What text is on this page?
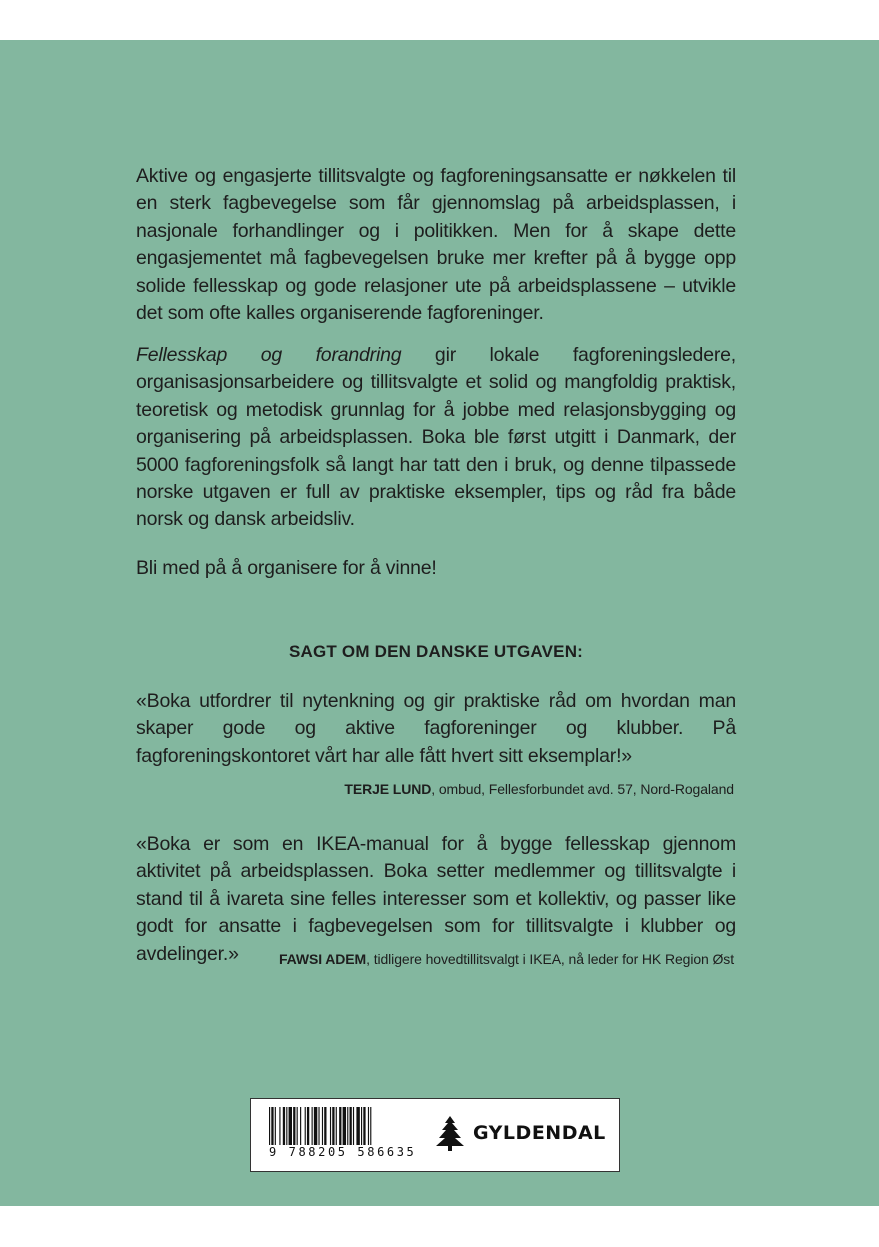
Aktive og engasjerte tillitsvalgte og fagforeningsansatte er nøkkelen til en sterk fagbevegelse som får gjennomslag på arbeidsplassen, i nasjonale forhandlinger og i politikken. Men for å skape dette engasjementet må fagbevegelsen bruke mer krefter på å bygge opp solide fellesskap og gode relasjoner ute på arbeidsplassene – utvikle det som ofte kalles organiserende fagforeninger.

Fellesskap og forandring gir lokale fagforeningsledere, organisasjonsarbeidere og tillitsvalgte et solid og mangfoldig praktisk, teoretisk og metodisk grunnlag for å jobbe med relasjonsbygging og organisering på arbeidsplassen. Boka ble først utgitt i Danmark, der 5000 fagforeningsfolk så langt har tatt den i bruk, og denne tilpassede norske utgaven er full av praktiske eksempler, tips og råd fra både norsk og dansk arbeidsliv.

Bli med på å organisere for å vinne!

SAGT OM DEN DANSKE UTGAVEN:
«Boka utfordrer til nytenkning og gir praktiske råd om hvordan man skaper gode og aktive fagforeninger og klubber. På fagforeningskontoret vårt har alle fått hvert sitt eksemplar!»
TERJE LUND, ombud, Fellesforbundet avd. 57, Nord-Rogaland
«Boka er som en IKEA-manual for å bygge fellesskap gjennom aktivitet på arbeidsplassen. Boka setter medlemmer og tillitsvalgte i stand til å ivareta sine felles interesser som et kollektiv, og passer like godt for ansatte i fagbevegelsen som for tillitsvalgte i klubber og avdelinger.»	FAWSI ADEM, tidligere hovedtillitsvalgt i IKEA, nå leder for HK Region Øst
9 788205 586635
GYLDENDAL
